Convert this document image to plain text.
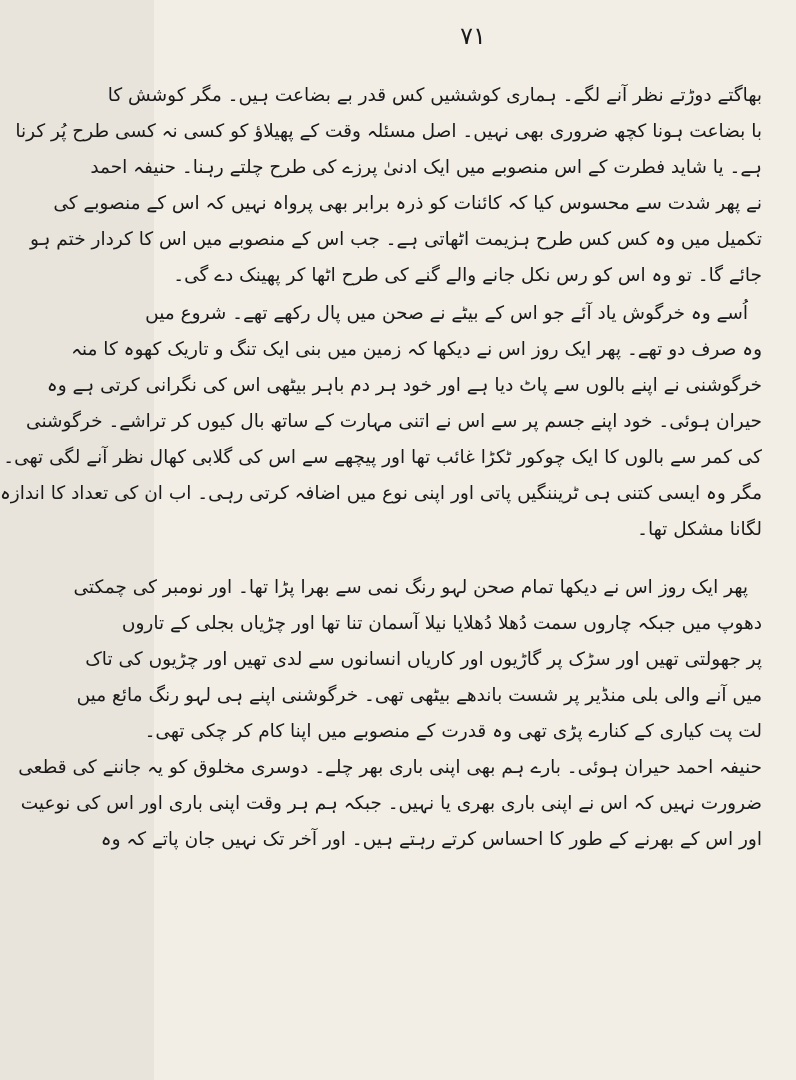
۷۱
بھاگتے دوڑتے نظر آنے لگے۔ ہماری کوششیں کس قدر بے بضاعت ہیں۔ مگر کوشش کا
با بضاعت ہونا کچھ ضروری بھی نہیں۔ اصل مسئلہ وقت کے پھیلاؤ کو کسی نہ کسی طرح پُر کرنا
ہے۔ یا شاید فطرت کے اس منصوبے میں ایک ادنیٰ پرزے کی طرح چلتے رہنا۔ حنیفہ احمد
نے پھر شدت سے محسوس کیا کہ کائنات کو ذرہ برابر بھی پرواہ نہیں کہ اس کے منصوبے کی
تکمیل میں وہ کس کس طرح ہزیمت اٹھاتی ہے۔ جب اس کے منصوبے میں اس کا کردار ختم ہو
جائے گا۔ تو وہ اس کو رس نکل جانے والے گنے کی طرح اٹھا کر پھینک دے گی۔
اُسے وہ خرگوش یاد آئے جو اس کے بیٹے نے صحن میں پال رکھے تھے۔ شروع میں
وہ صرف دو تھے۔ پھر ایک روز اس نے دیکھا کہ زمین میں بنی ایک تنگ و تاریک کھوہ کا منہ
خرگوشنی نے اپنے بالوں سے پاٹ دیا ہے اور خود ہر دم باہر بیٹھی اس کی نگرانی کرتی ہے وہ
حیران ہوئی۔ خود اپنے جسم پر سے اس نے اتنی مہارت کے ساتھ بال کیوں کر تراشے۔ خرگوشنی
کی کمر سے بالوں کا ایک چوکور ٹکڑا غائب تھا اور پیچھے سے اس کی گلابی کھال نظر آنے لگی تھی۔
مگر وہ ایسی کتنی ہی ٹریننگیں پاتی اور اپنی نوع میں اضافہ کرتی رہی۔ اب ان کی تعداد کا اندازہ
لگانا مشکل تھا۔
پھر ایک روز اس نے دیکھا تمام صحن لہو رنگ نمی سے بھرا پڑا تھا۔ اور نومبر کی چمکتی
دھوپ میں جبکہ چاروں سمت دُھلا دُھلایا نیلا آسمان تنا تھا اور چڑیاں بجلی کے تاروں
پر جھولتی تھیں اور سڑک پر گاڑیوں اور کاریاں انسانوں سے لدی تھیں اور چڑیوں کی تاک
میں آنے والی بلی منڈیر پر شست باندھے بیٹھی تھی۔ خرگوشنی اپنے ہی لہو رنگ مائع میں
لت پت کیاری کے کنارے پڑی تھی وہ قدرت کے منصوبے میں اپنا کام کر چکی تھی۔
حنیفہ احمد حیران ہوئی۔ بارے ہم بھی اپنی باری بھر چلے۔ دوسری مخلوق کو یہ جاننے کی قطعی
ضرورت نہیں کہ اس نے اپنی باری بھری یا نہیں۔ جبکہ ہم ہر وقت اپنی باری اور اس کی نوعیت
اور اس کے بھرنے کے طور کا احساس کرتے رہتے ہیں۔ اور آخر تک نہیں جان پاتے کہ وہ
